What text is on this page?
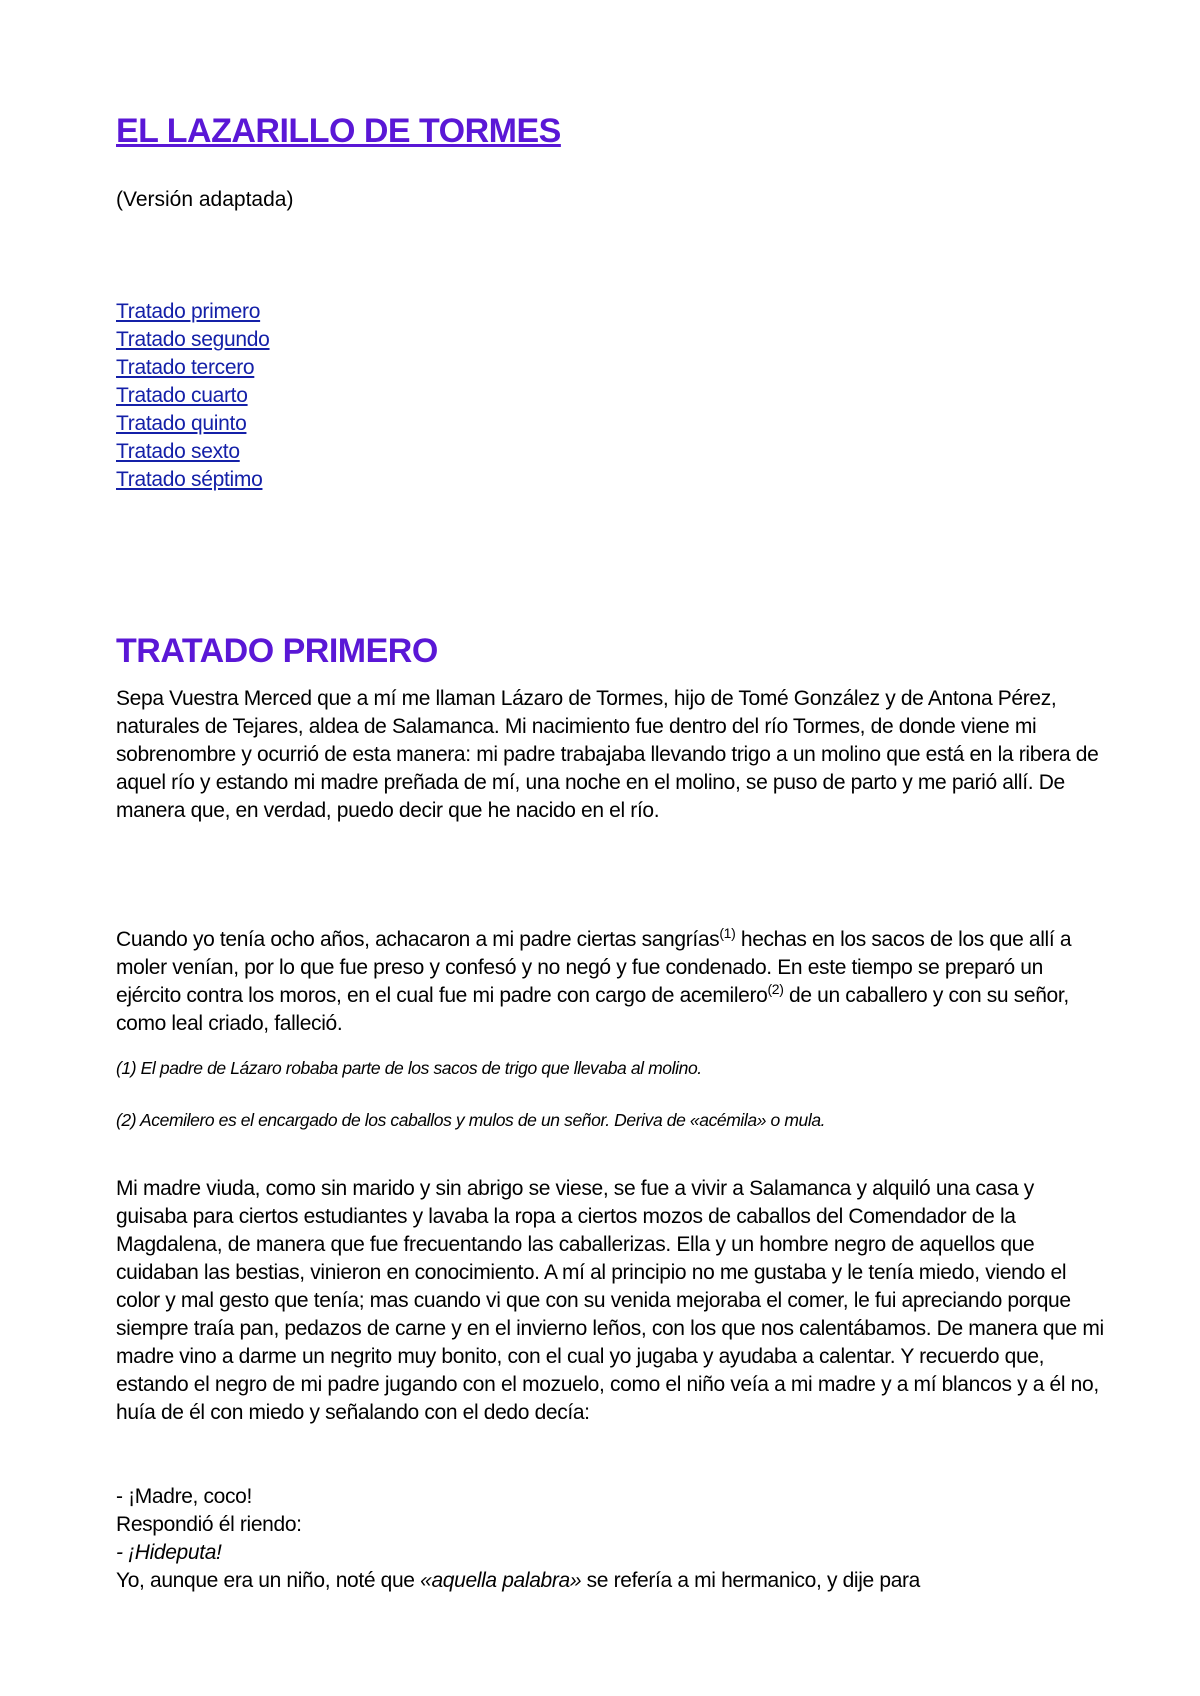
EL LAZARILLO DE TORMES

(Versión adaptada)

Tratado primero
Tratado segundo
Tratado tercero
Tratado cuarto
Tratado quinto
Tratado sexto
Tratado séptimo
TRATADO PRIMERO

Sepa Vuestra Merced que a mí me llaman Lázaro de Tormes, hijo de Tomé González y de Antona Pérez, naturales de Tejares, aldea de Salamanca. Mi nacimiento fue dentro del río Tormes, de donde viene mi sobrenombre y ocurrió de esta manera: mi padre trabajaba llevando trigo a un molino que está en la ribera de aquel río y estando mi madre preñada de mí, una noche en el molino, se puso de parto y me parió allí. De manera que, en verdad, puedo decir que he nacido en el río.

Cuando yo tenía ocho años, achacaron a mi padre ciertas sangrías$^{(1)}$ hechas en los sacos de los que allí a moler venían, por lo que fue preso y confesó y no negó y fue condenado. En este tiempo se preparó un ejército contra los moros, en el cual fue mi padre con cargo de acemilero$^{(2)}$ de un caballero y con su señor, como leal criado, falleció.

(1) El padre de Lázaro robaba parte de los sacos de trigo que llevaba al molino.

(2) Acemilero es el encargado de los caballos y mulos de un señor. Deriva de «acémila» o mula.

Mi madre viuda, como sin marido y sin abrigo se viese, se fue a vivir a Salamanca y alquiló una casa y guisaba para ciertos estudiantes y lavaba la ropa a ciertos mozos de caballos del Comendador de la Magdalena, de manera que fue frecuentando las caballerizas. Ella y un hombre negro de aquellos que cuidaban las bestias, vinieron en conocimiento. A mí al principio no me gustaba y le tenía miedo, viendo el color y mal gesto que tenía; mas cuando vi que con su venida mejoraba el comer, le fui apreciando porque siempre traía pan, pedazos de carne y en el invierno leños, con los que nos calentábamos. De manera que mi madre vino a darme un negrito muy bonito, con el cual yo jugaba y ayudaba a calentar. Y recuerdo que, estando el negro de mi padre jugando con el mozuelo, como el niño veía a mi madre y a mí blancos y a él no, huía de él con miedo y señalando con el dedo decía:

- ¡Madre, coco!

Respondió él riendo:

- ¡Hideputa!

Yo, aunque era un niño, noté que «aquella palabra» se refería a mi hermanico, y dije para
